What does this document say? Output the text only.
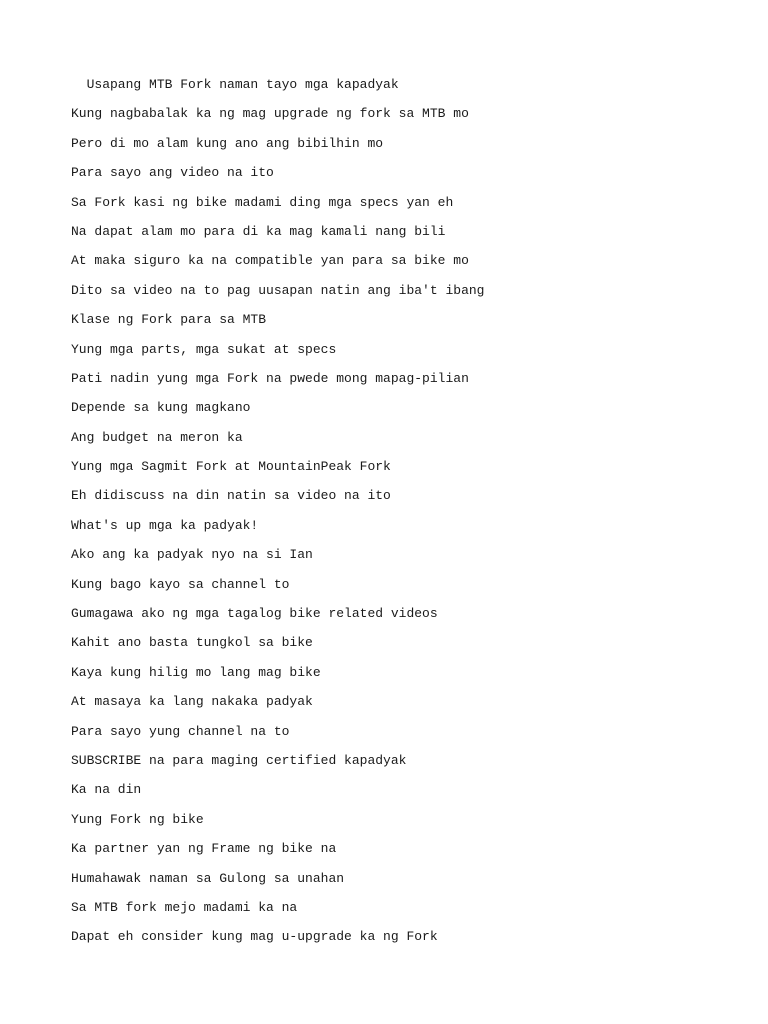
Usapang MTB Fork naman tayo mga kapadyak
Kung nagbabalak ka ng mag upgrade ng fork sa MTB mo
Pero di mo alam kung ano ang bibilhin mo
Para sayo ang video na ito
Sa Fork kasi ng bike madami ding mga specs yan eh
Na dapat alam mo para di ka mag kamali nang bili
At maka siguro ka na compatible yan para sa bike mo
Dito sa video na to pag uusapan natin ang iba't ibang
Klase ng Fork para sa MTB
Yung mga parts, mga sukat at specs
Pati nadin yung mga Fork na pwede mong mapag-pilian
Depende sa kung magkano
Ang budget na meron ka
Yung mga Sagmit Fork at MountainPeak Fork
Eh didiscuss na din natin sa video na ito
What's up mga ka padyak!
Ako ang ka padyak nyo na si Ian
Kung bago kayo sa channel to
Gumagawa ako ng mga tagalog bike related videos
Kahit ano basta tungkol sa bike
Kaya kung hilig mo lang mag bike
At masaya ka lang nakaka padyak
Para sayo yung channel na to
SUBSCRIBE na para maging certified kapadyak
Ka na din
Yung Fork ng bike
Ka partner yan ng Frame ng bike na
Humahawak naman sa Gulong sa unahan
Sa MTB fork mejo madami ka na
Dapat eh consider kung mag u-upgrade ka ng Fork
